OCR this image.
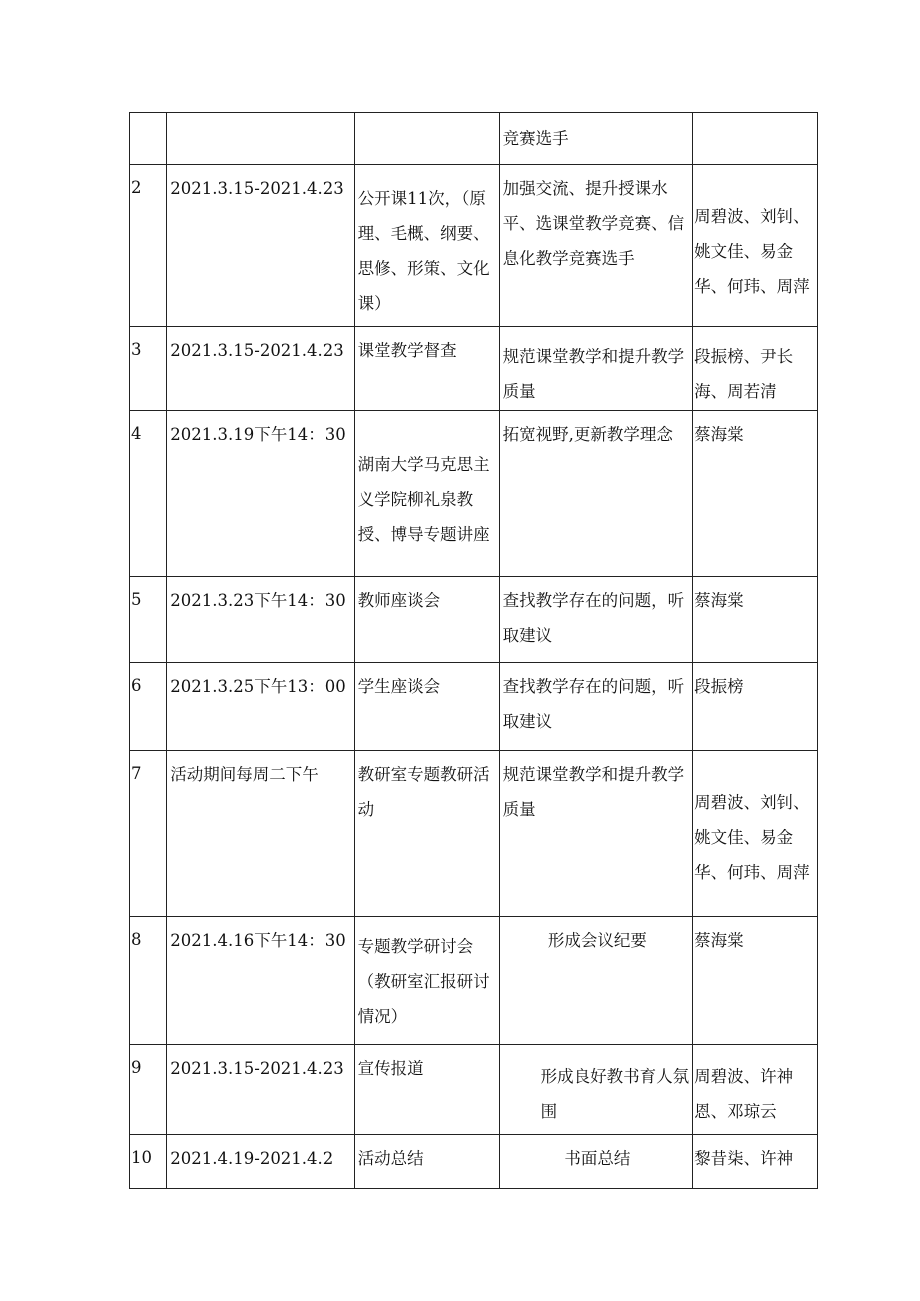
			竞赛选手	

2	2021.3.15-2021.4.23	公开课11次，（原理、毛概、纲要、思修、形策、文化课）	加强交流、提升授课水平、选课堂教学竞赛、信息化教学竞赛选手	周碧波、刘钊、姚文佳、易金华、何玮、周萍

3	2021.3.15-2021.4.23	课堂教学督查	规范课堂教学和提升教学质量	段振榜、尹长海、周若清

4	2021.3.19下午14：30	湖南大学马克思主义学院柳礼泉教授、博导专题讲座	拓宽视野,更新教学理念	蔡海棠

5	2021.3.23下午14：30	教师座谈会	查找教学存在的问题，听取建议	蔡海棠

6	2021.3.25下午13：00	学生座谈会	查找教学存在的问题，听取建议	段振榜

7	活动期间每周二下午	教研室专题教研活动	规范课堂教学和提升教学质量	周碧波、刘钊、姚文佳、易金华、何玮、周萍

8	2021.4.16下午14：30	专题教学研讨会（教研室汇报研讨情况）	形成会议纪要	蔡海棠

9	2021.3.15-2021.4.23	宣传报道	形成良好教书育人氛围	周碧波、许神恩、邓琼云

10	2021.4.19-2021.4.2	活动总结	书面总结	黎昔柒、许神
